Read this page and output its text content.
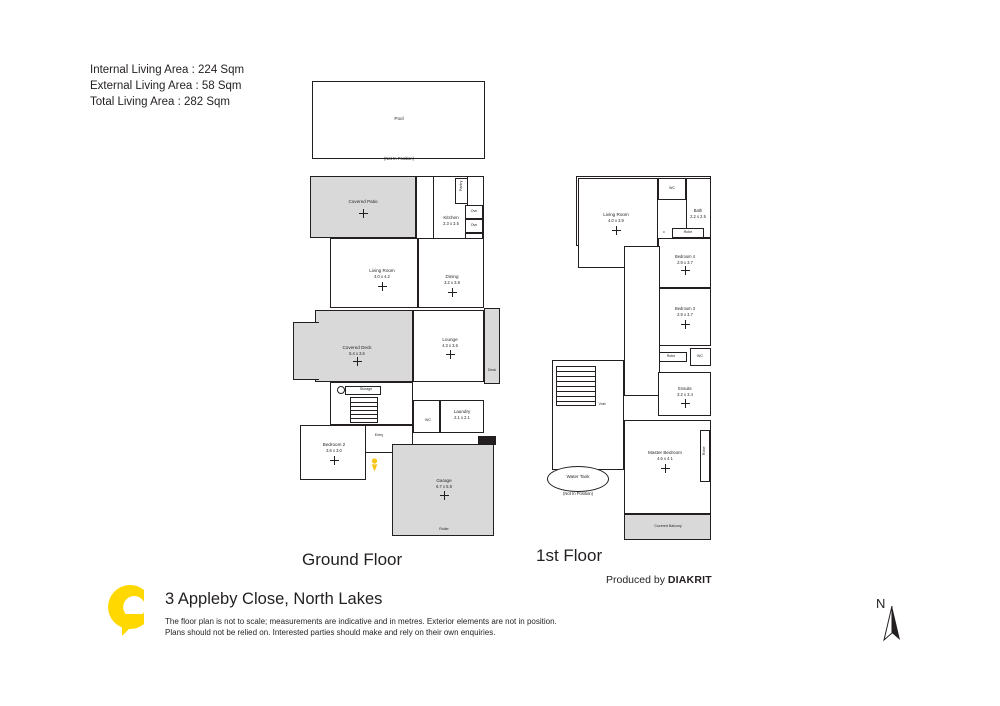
Internal Living Area : 224 Sqm
External Living Area : 58 Sqm
Total Living Area : 282 Sqm
Pool
(Not In Position)
Covered Patio
Kitchen
2.3 x 3.5
Pantry
Ovn
Ovn
Living Room
4.0 x 4.2	Dining
3.2 x 3.8
Covered Deck
5.4 x 3.6
Lounge
4.3 x 3.6
Deck
Storage
Laundry
2.1 x 2.1
WC
Entry
Bedroom 2
3.6 x 3.0
Garage
6.7 x 5.8
Roller
Ground Floor
Living Room
4.0 x 3.9
WC
Bath
2.2 x 2.5
Robe
c
Bedroom 4
2.9 x 3.7
Bedroom 3
2.9 x 3.7
Robe	WC
Ensuite
3.2 x 3.4
Void
Master Bedroom
4.6 x 4.1
Robe
Covered Balcony
1st Floor
Water Tank
(Not In Position)
Produced by DIAKRIT
3 Appleby Close, North Lakes
The floor plan is not to scale; measurements are indicative and in metres. Exterior elements are not in position.
Plans should not be relied on. Interested parties should make and rely on their own enquiries.
N
